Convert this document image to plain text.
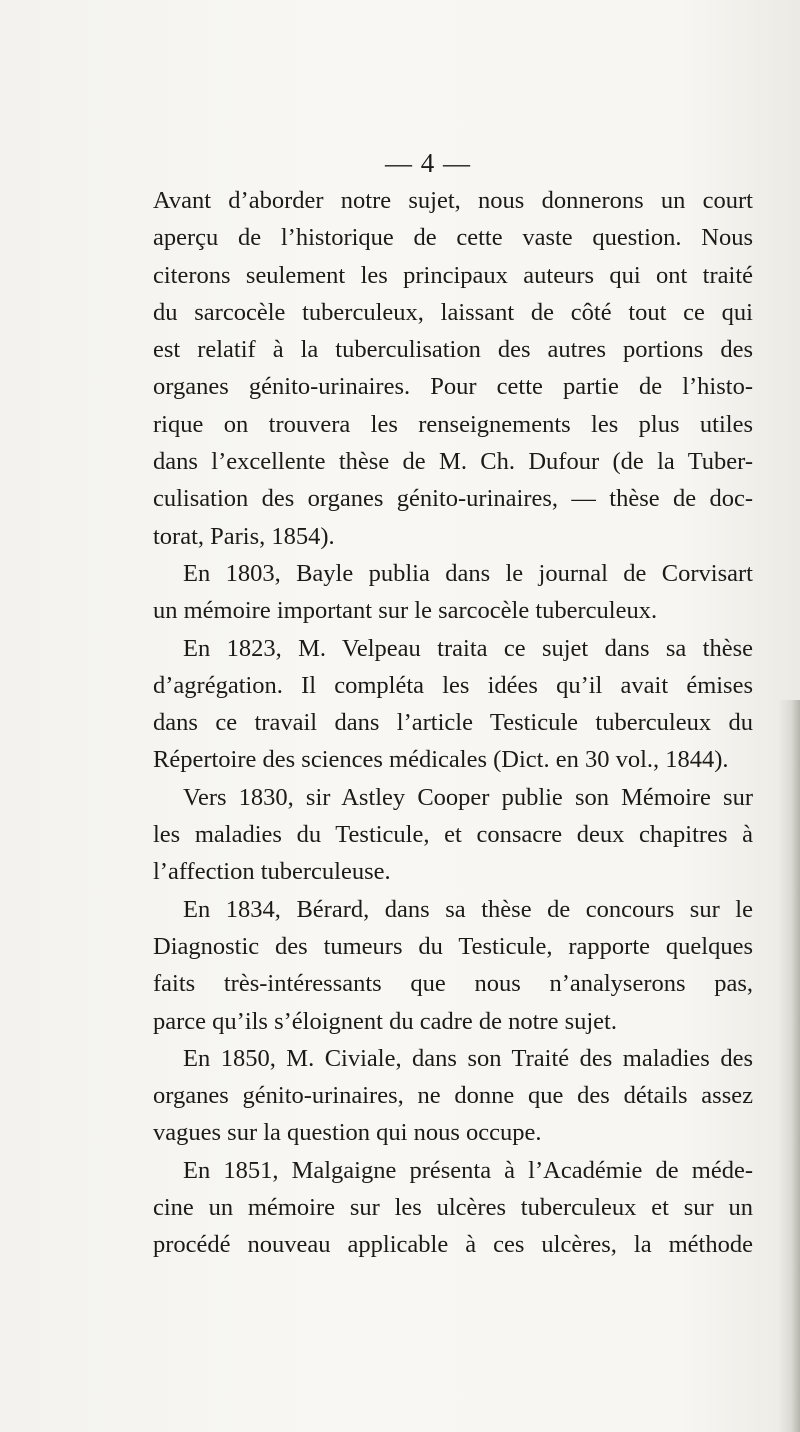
— 4 —
Avant d’aborder notre sujet, nous donnerons un court
aperçu de l’historique de cette vaste question. Nous
citerons seulement les principaux auteurs qui ont traité
du sarcocèle tuberculeux, laissant de côté tout ce qui
est relatif à la tuberculisation des autres portions des
organes génito-urinaires. Pour cette partie de l’histo-
rique on trouvera les renseignements les plus utiles
dans l’excellente thèse de M. Ch. Dufour (de la Tuber-
culisation des organes génito-urinaires, — thèse de doc-
torat, Paris, 1854).
En 1803, Bayle publia dans le journal de Corvisart
un mémoire important sur le sarcocèle tuberculeux.
En 1823, M. Velpeau traita ce sujet dans sa thèse
d’agrégation. Il compléta les idées qu’il avait émises
dans ce travail dans l’article Testicule tuberculeux du
Répertoire des sciences médicales (Dict. en 30 vol., 1844).
Vers 1830, sir Astley Cooper publie son Mémoire sur
les maladies du Testicule, et consacre deux chapitres à
l’affection tuberculeuse.
En 1834, Bérard, dans sa thèse de concours sur le
Diagnostic des tumeurs du Testicule, rapporte quelques
faits très-intéressants que nous n’analyserons pas,
parce qu’ils s’éloignent du cadre de notre sujet.
En 1850, M. Civiale, dans son Traité des maladies des
organes génito-urinaires, ne donne que des détails assez
vagues sur la question qui nous occupe.
En 1851, Malgaigne présenta à l’Académie de méde-
cine un mémoire sur les ulcères tuberculeux et sur un
procédé nouveau applicable à ces ulcères, la méthode
